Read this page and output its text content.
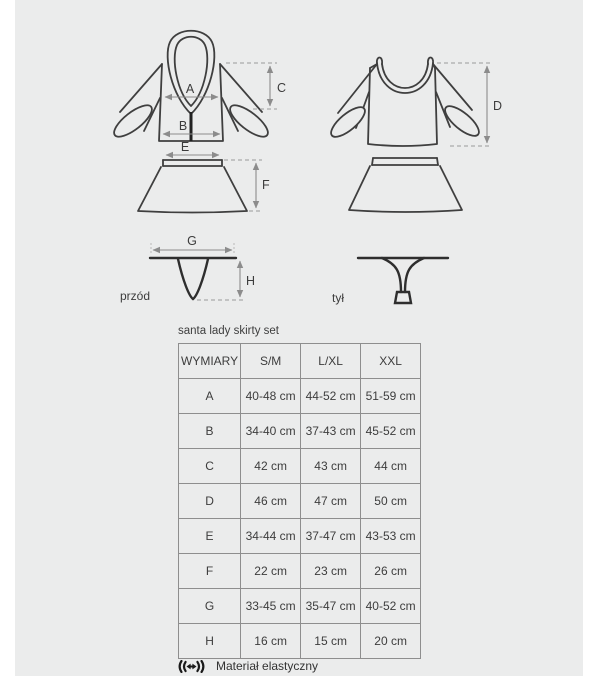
A
B
C
D
E
F
G
H
przód	tył
santa lady skirty set
WYMIARY	S/M	L/XL	XXL
A	40-48 cm	44-52 cm	51-59 cm
B	34-40 cm	37-43 cm	45-52 cm
C	42 cm	43 cm	44 cm
D	46 cm	47 cm	50 cm
E	34-44 cm	37-47 cm	43-53 cm
F	22 cm	23 cm	26 cm
G	33-45 cm	35-47 cm	40-52 cm
H	16 cm	15 cm	20 cm
Materiał elastyczny
